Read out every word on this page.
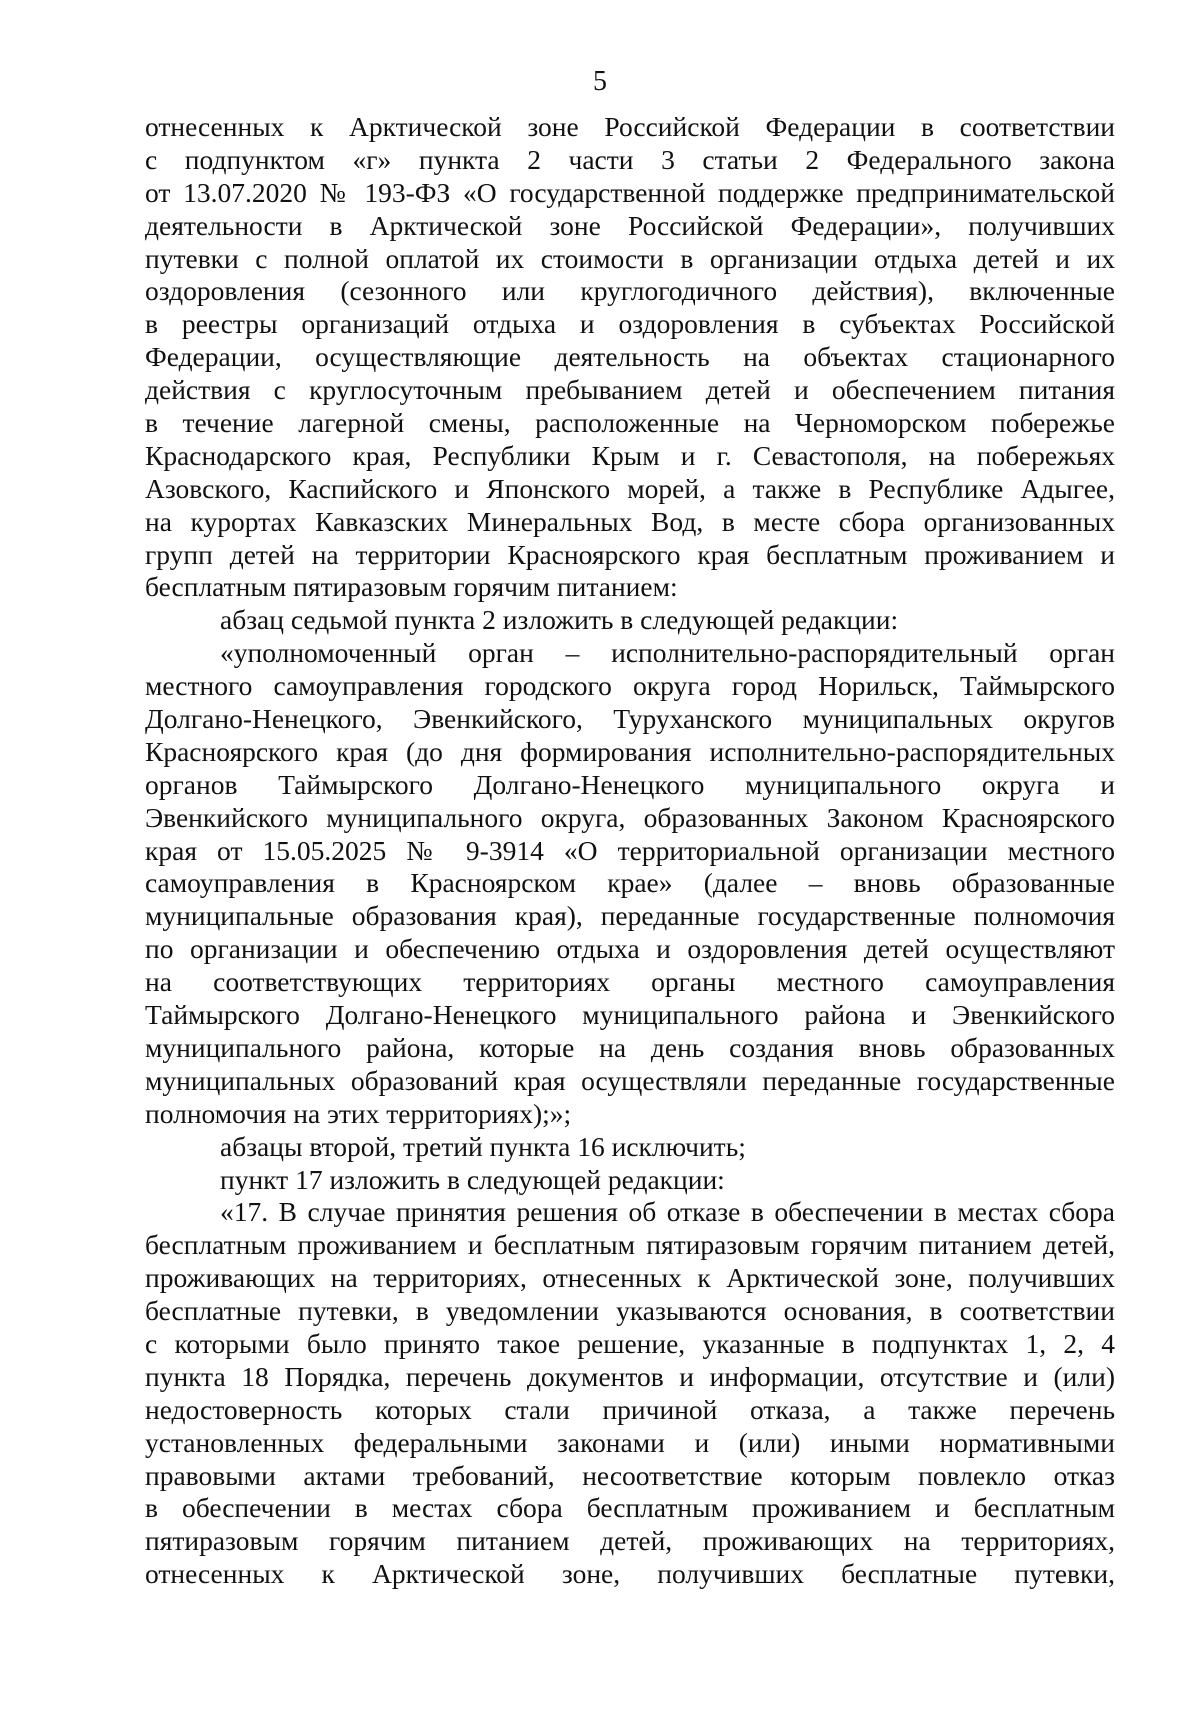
5
отнесенных к Арктической зоне Российской Федерации в соответствии
с подпунктом «г» пункта 2 части 3 статьи 2 Федерального закона
от 13.07.2020 № 193-ФЗ «О государственной поддержке предпринимательской
деятельности в Арктической зоне Российской Федерации», получивших
путевки с полной оплатой их стоимости в организации отдыха детей и их
оздоровления (сезонного или круглогодичного действия), включенные
в реестры организаций отдыха и оздоровления в субъектах Российской
Федерации, осуществляющие деятельность на объектах стационарного
действия с круглосуточным пребыванием детей и обеспечением питания
в течение лагерной смены, расположенные на Черноморском побережье
Краснодарского края, Республики Крым и г. Севастополя, на побережьях
Азовского, Каспийского и Японского морей, а также в Республике Адыгее,
на курортах Кавказских Минеральных Вод, в месте сбора организованных
групп детей на территории Красноярского края бесплатным проживанием и
бесплатным пятиразовым горячим питанием:
абзац седьмой пункта 2 изложить в следующей редакции:
«уполномоченный орган – исполнительно-распорядительный орган
местного самоуправления городского округа город Норильск, Таймырского
Долгано-Ненецкого, Эвенкийского, Туруханского муниципальных округов
Красноярского края (до дня формирования исполнительно-распорядительных
органов Таймырского Долгано-Ненецкого муниципального округа и
Эвенкийского муниципального округа, образованных Законом Красноярского
края от 15.05.2025 № 9-3914 «О территориальной организации местного
самоуправления в Красноярском крае» (далее – вновь образованные
муниципальные образования края), переданные государственные полномочия
по организации и обеспечению отдыха и оздоровления детей осуществляют
на соответствующих территориях органы местного самоуправления
Таймырского Долгано-Ненецкого муниципального района и Эвенкийского
муниципального района, которые на день создания вновь образованных
муниципальных образований края осуществляли переданные государственные
полномочия на этих территориях);»;
абзацы второй, третий пункта 16 исключить;
пункт 17 изложить в следующей редакции:
«17. В случае принятия решения об отказе в обеспечении в местах сбора
бесплатным проживанием и бесплатным пятиразовым горячим питанием детей,
проживающих на территориях, отнесенных к Арктической зоне, получивших
бесплатные путевки, в уведомлении указываются основания, в соответствии
с которыми было принято такое решение, указанные в подпунктах 1, 2, 4
пункта 18 Порядка, перечень документов и информации, отсутствие и (или)
недостоверность которых стали причиной отказа, а также перечень
установленных федеральными законами и (или) иными нормативными
правовыми актами требований, несоответствие которым повлекло отказ
в обеспечении в местах сбора бесплатным проживанием и бесплатным
пятиразовым горячим питанием детей, проживающих на территориях,
отнесенных к Арктической зоне, получивших бесплатные путевки,
